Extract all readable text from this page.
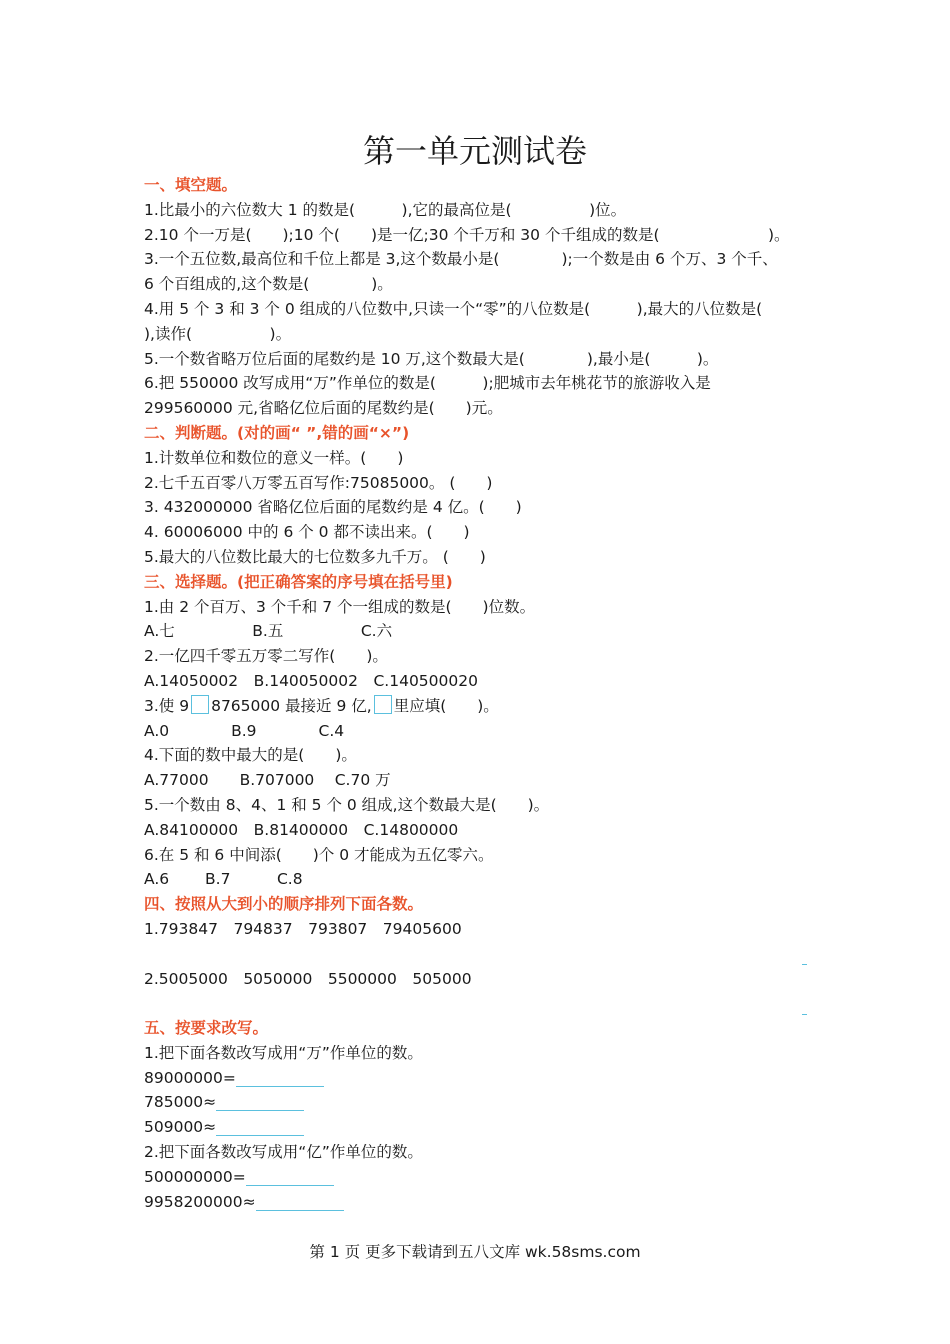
第一单元测试卷
一、填空题。
1.比最小的六位数大 1 的数是(　　　),它的最高位是(　　　　　)位。
2.10 个一万是(　　);10 个(　　)是一亿;30 个千万和 30 个千组成的数是(　　　　　　　)。
3.一个五位数,最高位和千位上都是 3,这个数最小是(　　　　);一个数是由 6 个万、3 个千、
6 个百组成的,这个数是(　　　　)。
4.用 5 个 3 和 3 个 0 组成的八位数中,只读一个“零”的八位数是(　　　),最大的八位数是(
),读作(　　　　　)。
5.一个数省略万位后面的尾数约是 10 万,这个数最大是(　　　　),最小是(　　　)。
6.把 550000 改写成用“万”作单位的数是(　　　);肥城市去年桃花节的旅游收入是
299560000 元,省略亿位后面的尾数约是(　　)元。
二、判断题。(对的画“ ”,错的画“×”)
1.计数单位和数位的意义一样。(　　)
2.七千五百零八万零五百写作:75085000。 (　　)
3. 432000000 省略亿位后面的尾数约是 4 亿。(　　)
4. 60006000 中的 6 个 0 都不读出来。(　　)
5.最大的八位数比最大的七位数多九千万。 (　　)
三、选择题。(把正确答案的序号填在括号里)
1.由 2 个百万、3 个千和 7 个一组成的数是(　　)位数。
A.七　　　　　B.五　　　　　C.六
2.一亿四千零五万零二写作(　　)。
A.14050002　B.140050002　C.140500020
3.使 9 8765000 最接近 9 亿, 里应填(　　)。
A.0　　　　B.9　　　　C.4
4.下面的数中最大的是(　　)。
A.77000　　B.707000　 C.70 万
5.一个数由 8、4、1 和 5 个 0 组成,这个数最大是(　　)。
A.84100000　B.81400000　C.14800000
6.在 5 和 6 中间添(　　)个 0 才能成为五亿零六。
A.6　　 B.7　　　C.8
四、按照从大到小的顺序排列下面各数。
1.793847　794837　793807　79405600
2.5005000　5050000　5500000　505000
五、按要求改写。
1.把下面各数改写成用“万”作单位的数。
89000000=
785000≈
509000≈
2.把下面各数改写成用“亿”作单位的数。
500000000=
9958200000≈
第 1 页 更多下载请到五八文库 wk.58sms.com
